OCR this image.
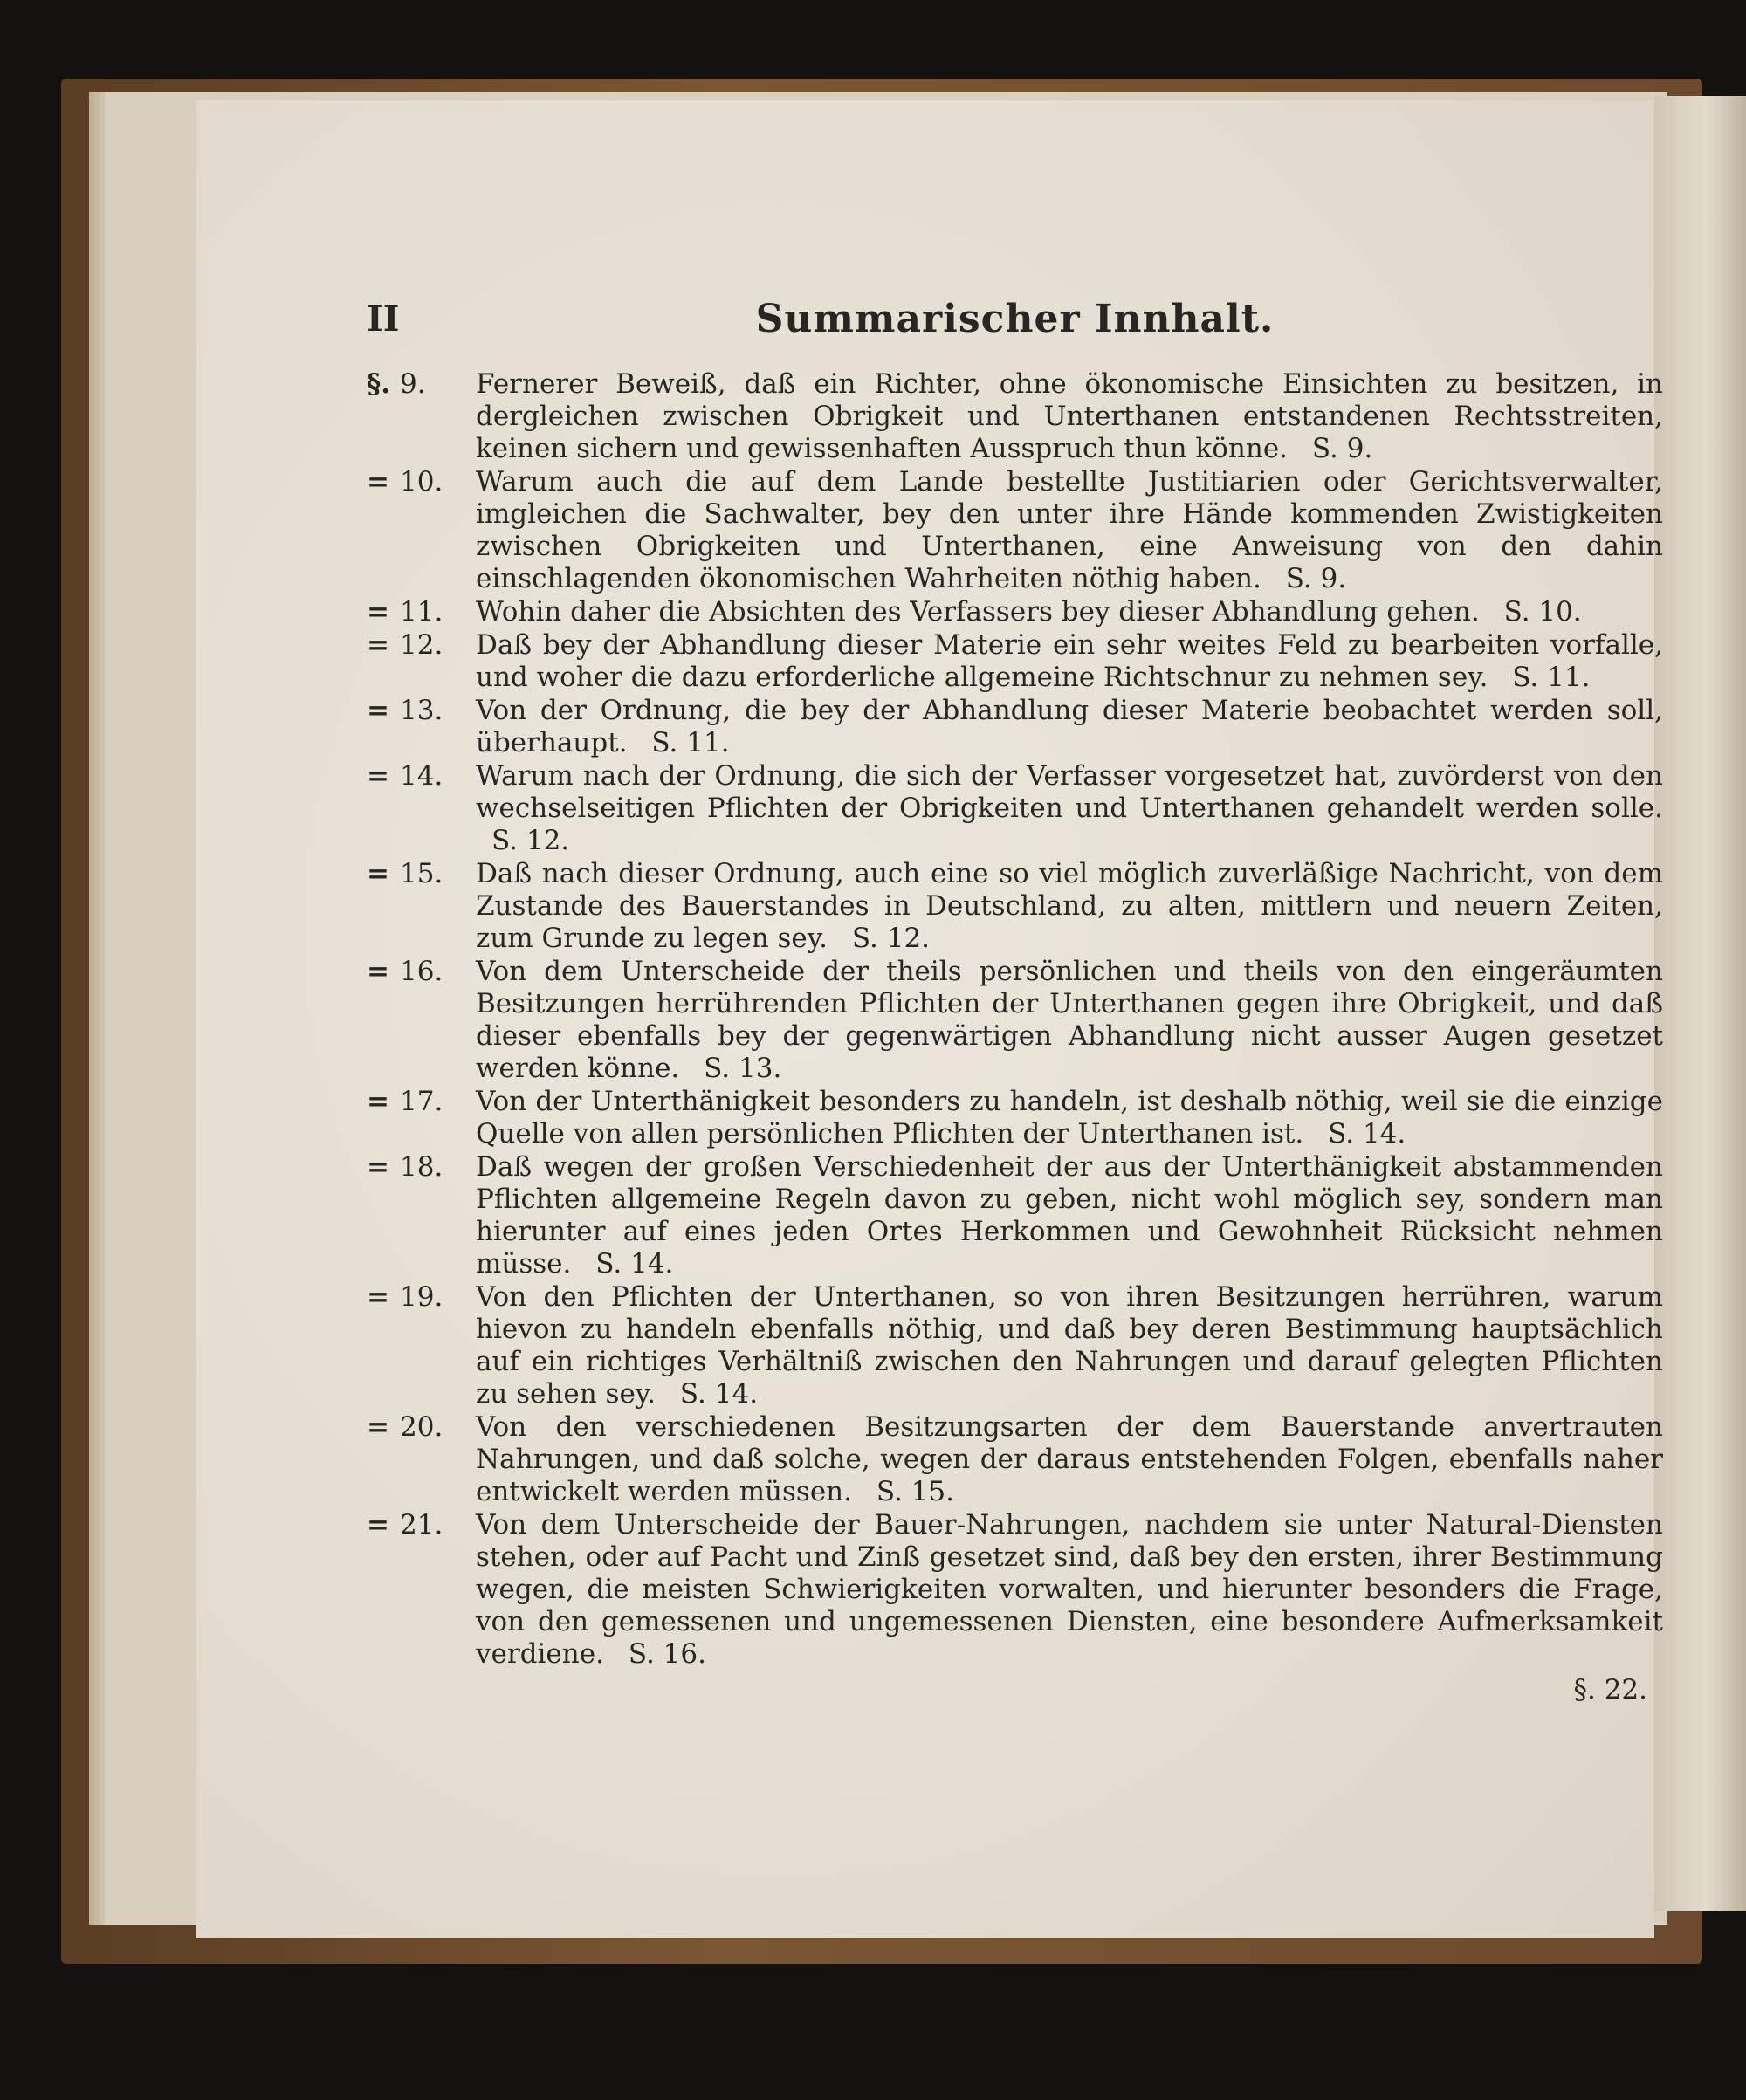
II	Summarischer Innhalt.
§. 9.	Fernerer Beweiß, daß ein Richter, ohne ökonomische Einsichten zu besitzen, in dergleichen zwischen Obrigkeit und Unterthanen entstandenen Rechtsstreiten, keinen sichern und gewissenhaften Ausspruch thun könne. S. 9.
= 10.	Warum auch die auf dem Lande bestellte Justitiarien oder Gerichtsverwalter, imgleichen die Sachwalter, bey den unter ihre Hände kommenden Zwistigkeiten zwischen Obrigkeiten und Unterthanen, eine Anweisung von den dahin einschlagenden ökonomischen Wahrheiten nöthig haben. S. 9.
= 11.	Wohin daher die Absichten des Verfassers bey dieser Abhandlung gehen. S. 10.
= 12.	Daß bey der Abhandlung dieser Materie ein sehr weites Feld zu bearbeiten vorfalle, und woher die dazu erforderliche allgemeine Richtschnur zu nehmen sey. S. 11.
= 13.	Von der Ordnung, die bey der Abhandlung dieser Materie beobachtet werden soll, überhaupt. S. 11.
= 14.	Warum nach der Ordnung, die sich der Verfasser vorgesetzet hat, zuvörderst von den wechselseitigen Pflichten der Obrigkeiten und Unterthanen gehandelt werden solle. S. 12.
= 15.	Daß nach dieser Ordnung, auch eine so viel möglich zuverläßige Nachricht, von dem Zustande des Bauerstandes in Deutschland, zu alten, mittlern und neuern Zeiten, zum Grunde zu legen sey. S. 12.
= 16.	Von dem Unterscheide der theils persönlichen und theils von den eingeräumten Besitzungen herrührenden Pflichten der Unterthanen gegen ihre Obrigkeit, und daß dieser ebenfalls bey der gegenwärtigen Abhandlung nicht ausser Augen gesetzet werden könne. S. 13.
= 17.	Von der Unterthänigkeit besonders zu handeln, ist deshalb nöthig, weil sie die einzige Quelle von allen persönlichen Pflichten der Unterthanen ist. S. 14.
= 18.	Daß wegen der großen Verschiedenheit der aus der Unterthänigkeit abstammenden Pflichten allgemeine Regeln davon zu geben, nicht wohl möglich sey, sondern man hierunter auf eines jeden Ortes Herkommen und Gewohnheit Rücksicht nehmen müsse. S. 14.
= 19.	Von den Pflichten der Unterthanen, so von ihren Besitzungen herrühren, warum hievon zu handeln ebenfalls nöthig, und daß bey deren Bestimmung hauptsächlich auf ein richtiges Verhältniß zwischen den Nahrungen und darauf gelegten Pflichten zu sehen sey. S. 14.
= 20.	Von den verschiedenen Besitzungsarten der dem Bauerstande anvertrauten Nahrungen, und daß solche, wegen der daraus entstehenden Folgen, ebenfalls naher entwickelt werden müssen. S. 15.
= 21.	Von dem Unterscheide der Bauer-Nahrungen, nachdem sie unter Natural-Diensten stehen, oder auf Pacht und Zinß gesetzet sind, daß bey den ersten, ihrer Bestimmung wegen, die meisten Schwierigkeiten vorwalten, und hierunter besonders die Frage, von den gemessenen und ungemessenen Diensten, eine besondere Aufmerksamkeit verdiene. S. 16.
§. 22.
